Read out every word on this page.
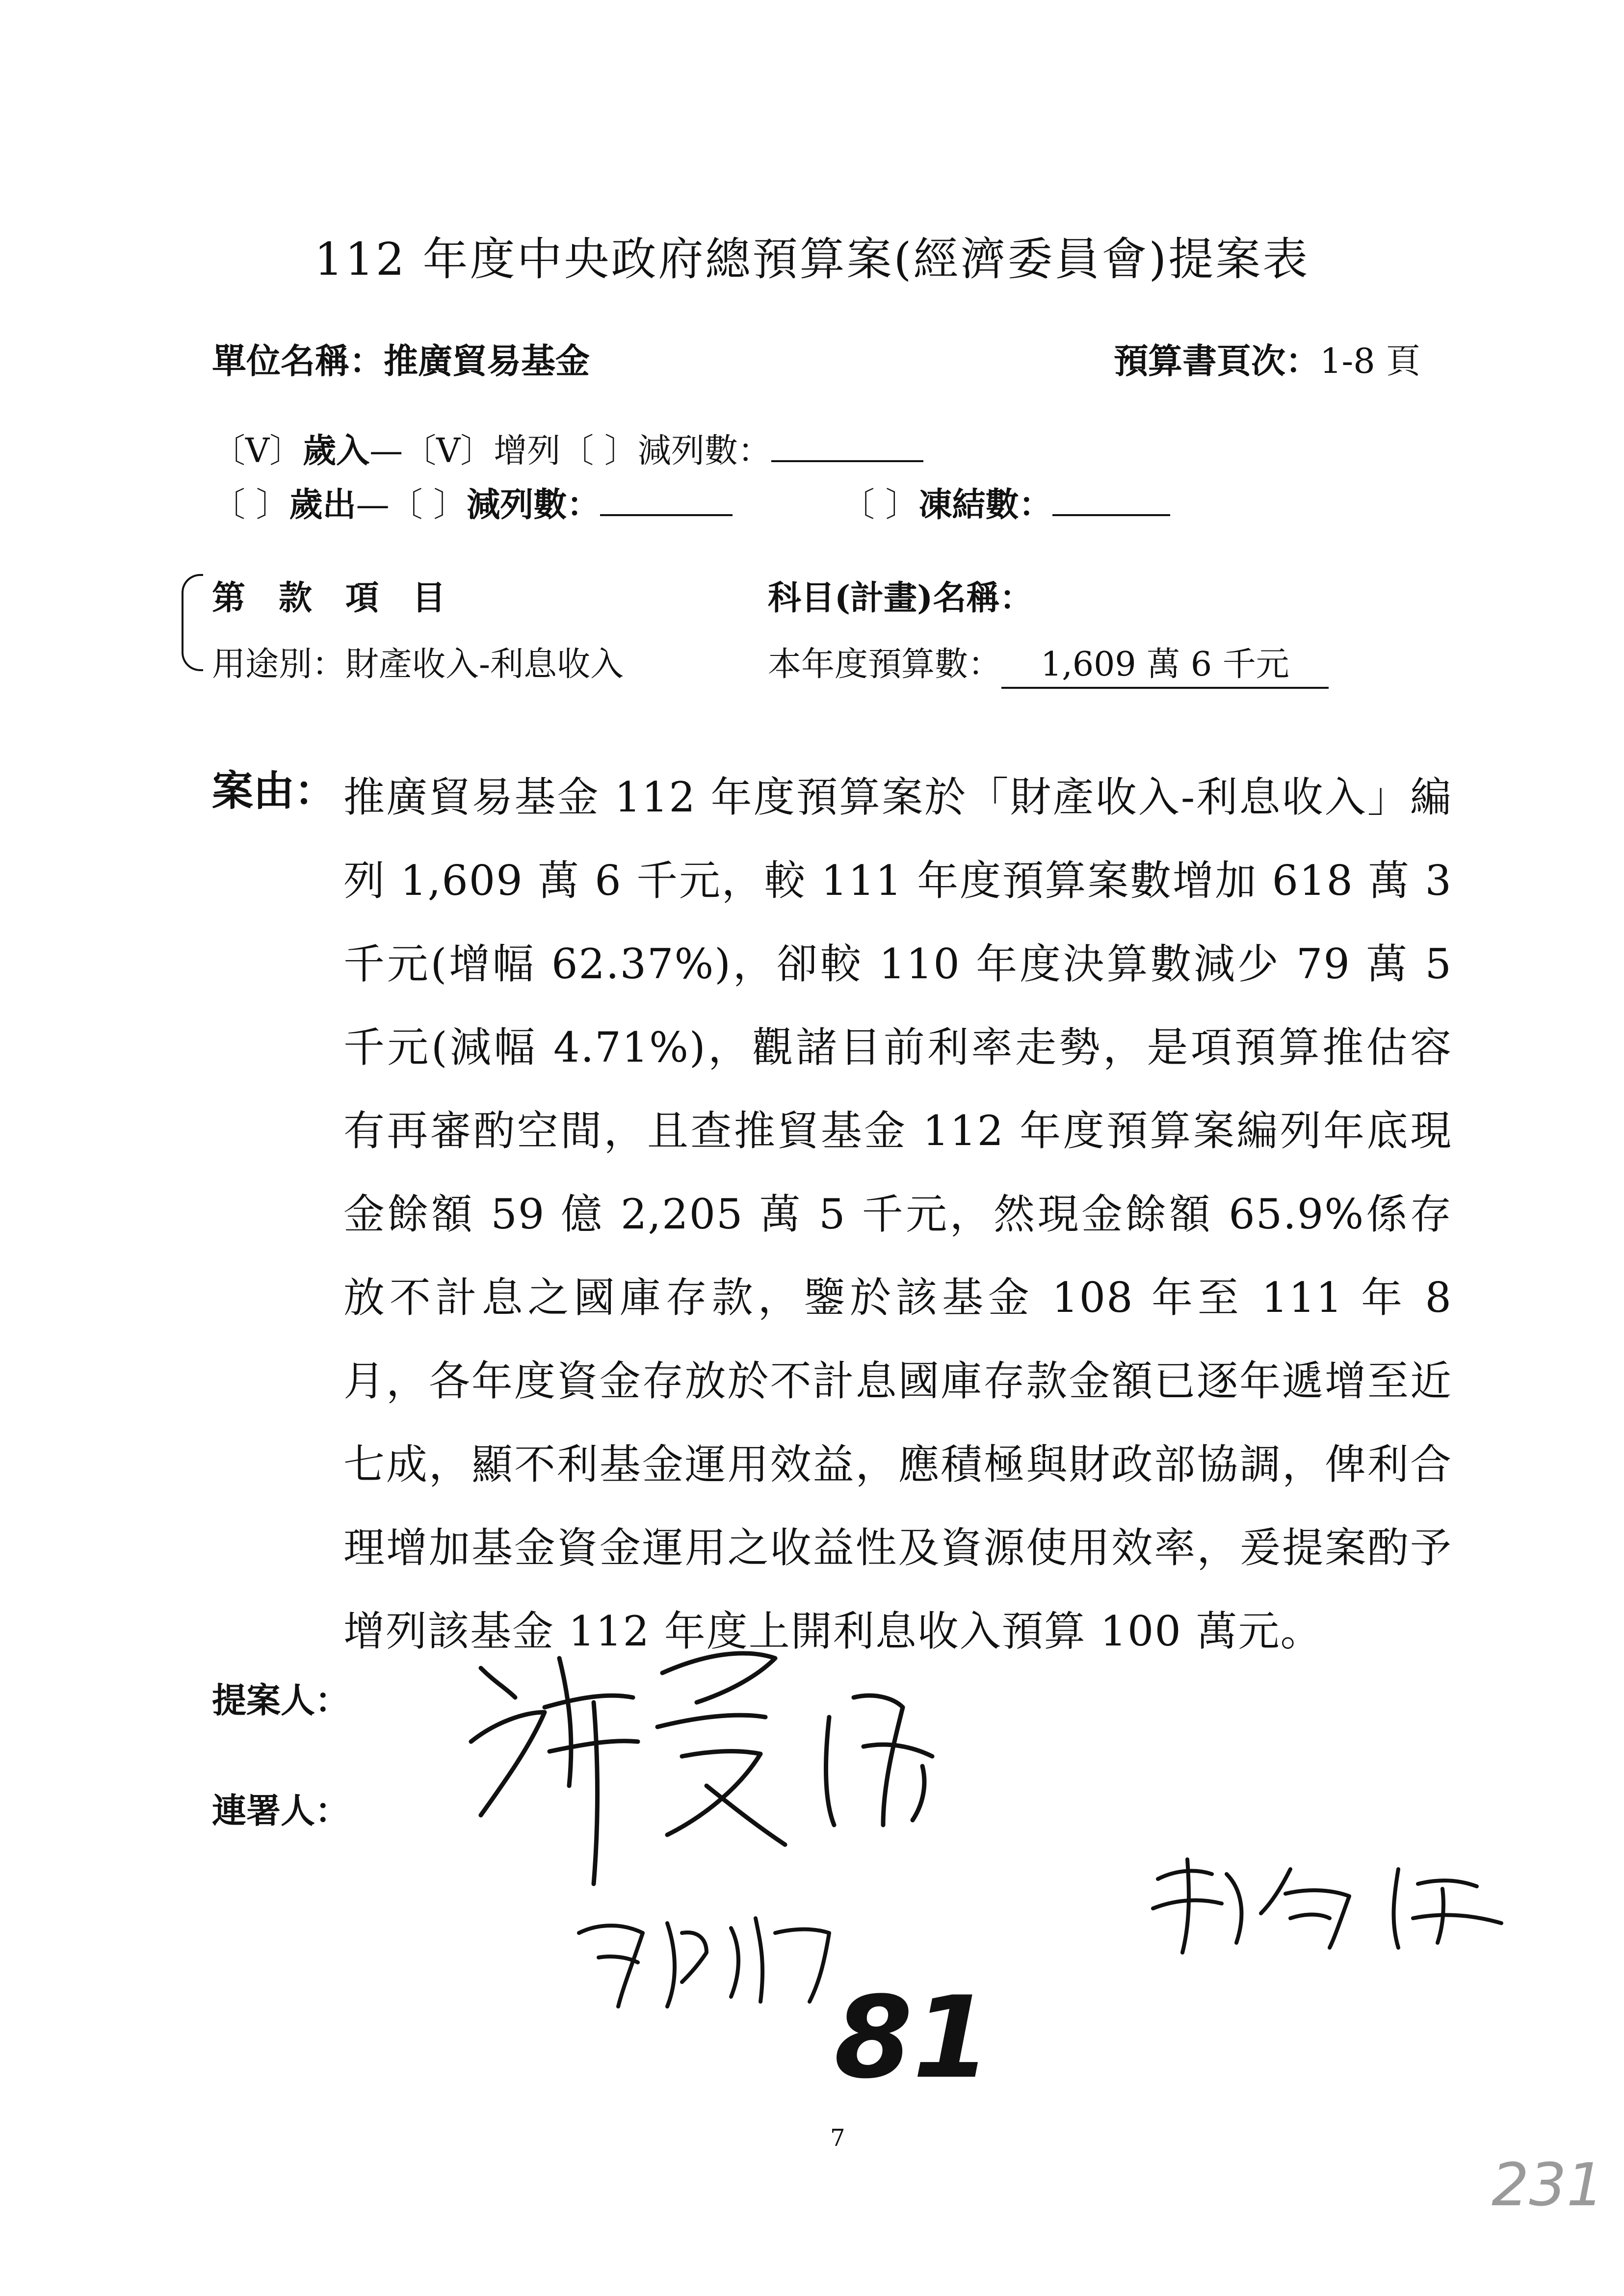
112 年度中央政府總預算案(經濟委員會)提案表
單位名稱：推廣貿易基金	預算書頁次：1-8 頁
〔V〕歲入—〔V〕增列〔 〕減列數：
〔 〕歲出—〔 〕減列數：	〔 〕凍結數：
第　款　項　目	科目(計畫)名稱：
用途別：財產收入-利息收入	本年度預算數： 1,609 萬 6 千元
案由： 推廣貿易基金 112 年度預算案於「財產收入-利息收入」編列 1,609 萬 6 千元，較 111 年度預算案數增加 618 萬 3 千元(增幅 62.37%)，卻較 110 年度決算數減少 79 萬 5 千元(減幅 4.71%)，觀諸目前利率走勢，是項預算推估容有再審酌空間，且查推貿基金 112 年度預算案編列年底現金餘額 59 億 2,205 萬 5 千元，然現金餘額 65.9%係存放不計息之國庫存款，鑒於該基金 108 年至 111 年 8 月，各年度資金存放於不計息國庫存款金額已逐年遞增至近七成，顯不利基金運用效益，應積極與財政部協調，俾利合理增加基金資金運用之收益性及資源使用效率，爰提案酌予增列該基金 112 年度上開利息收入預算 100 萬元。

提案人：
連署人：
81
7
231
